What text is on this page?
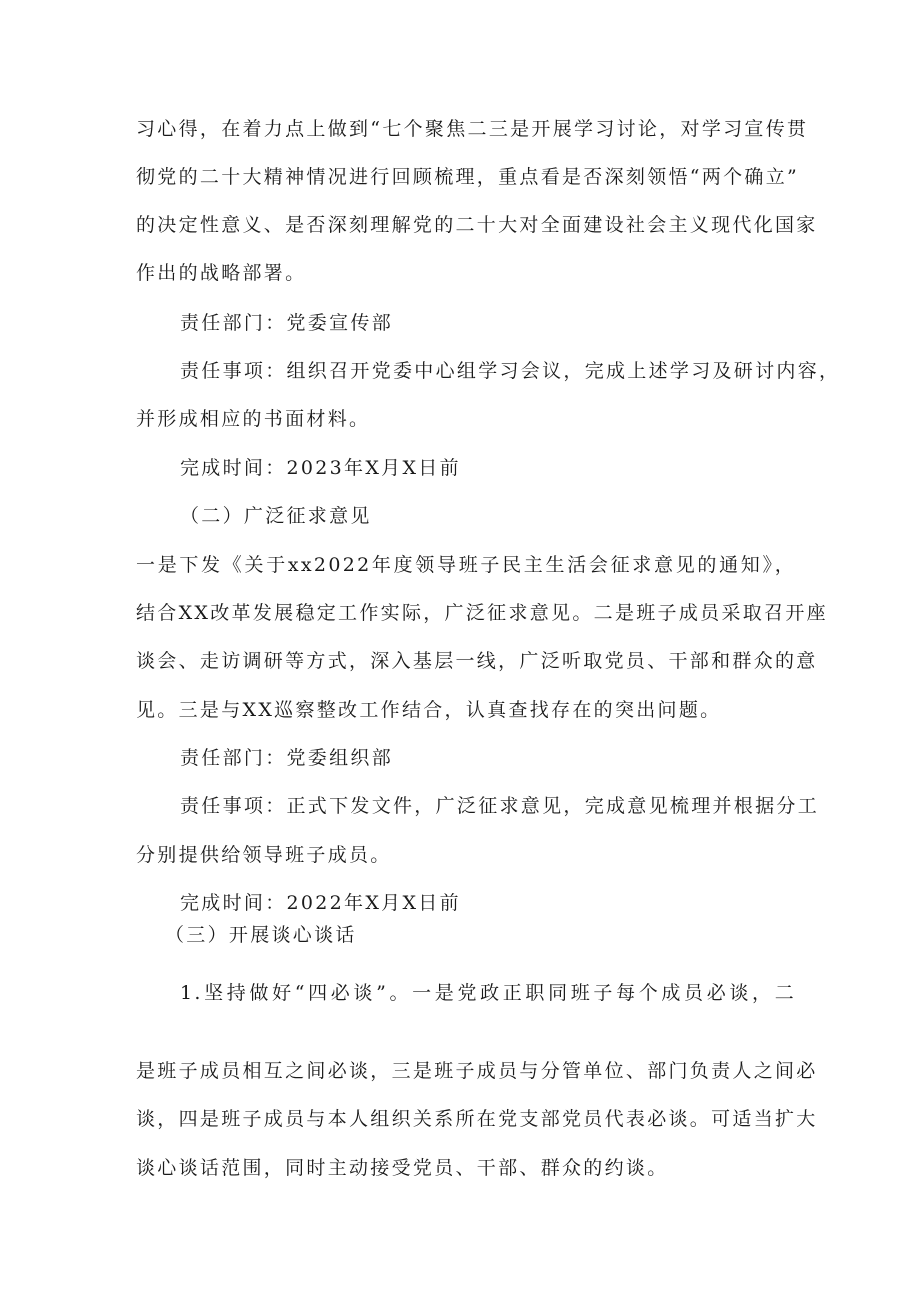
习心得，在着力点上做到“七个聚焦二三是开展学习讨论，对学习宣传贯
彻党的二十大精神情况进行回顾梳理，重点看是否深刻领悟“两个确立”
的决定性意义、是否深刻理解党的二十大对全面建设社会主义现代化国家
作出的战略部署。
责任部门：党委宣传部
责任事项：组织召开党委中心组学习会议，完成上述学习及研讨内容，
并形成相应的书面材料。
完成时间：2023年X月X日前
（二）广泛征求意见
一是下发《关于xx2022年度领导班子民主生活会征求意见的通知》，
结合XX改革发展稳定工作实际，广泛征求意见。二是班子成员采取召开座
谈会、走访调研等方式，深入基层一线，广泛听取党员、干部和群众的意
见。三是与XX巡察整改工作结合，认真查找存在的突出问题。
责任部门：党委组织部
责任事项：正式下发文件，广泛征求意见，完成意见梳理并根据分工
分别提供给领导班子成员。
完成时间：2022年X月X日前
（三）开展谈心谈话
1.坚持做好“四必谈”。一是党政正职同班子每个成员必谈，二
是班子成员相互之间必谈，三是班子成员与分管单位、部门负责人之间必
谈，四是班子成员与本人组织关系所在党支部党员代表必谈。可适当扩大
谈心谈话范围，同时主动接受党员、干部、群众的约谈。
